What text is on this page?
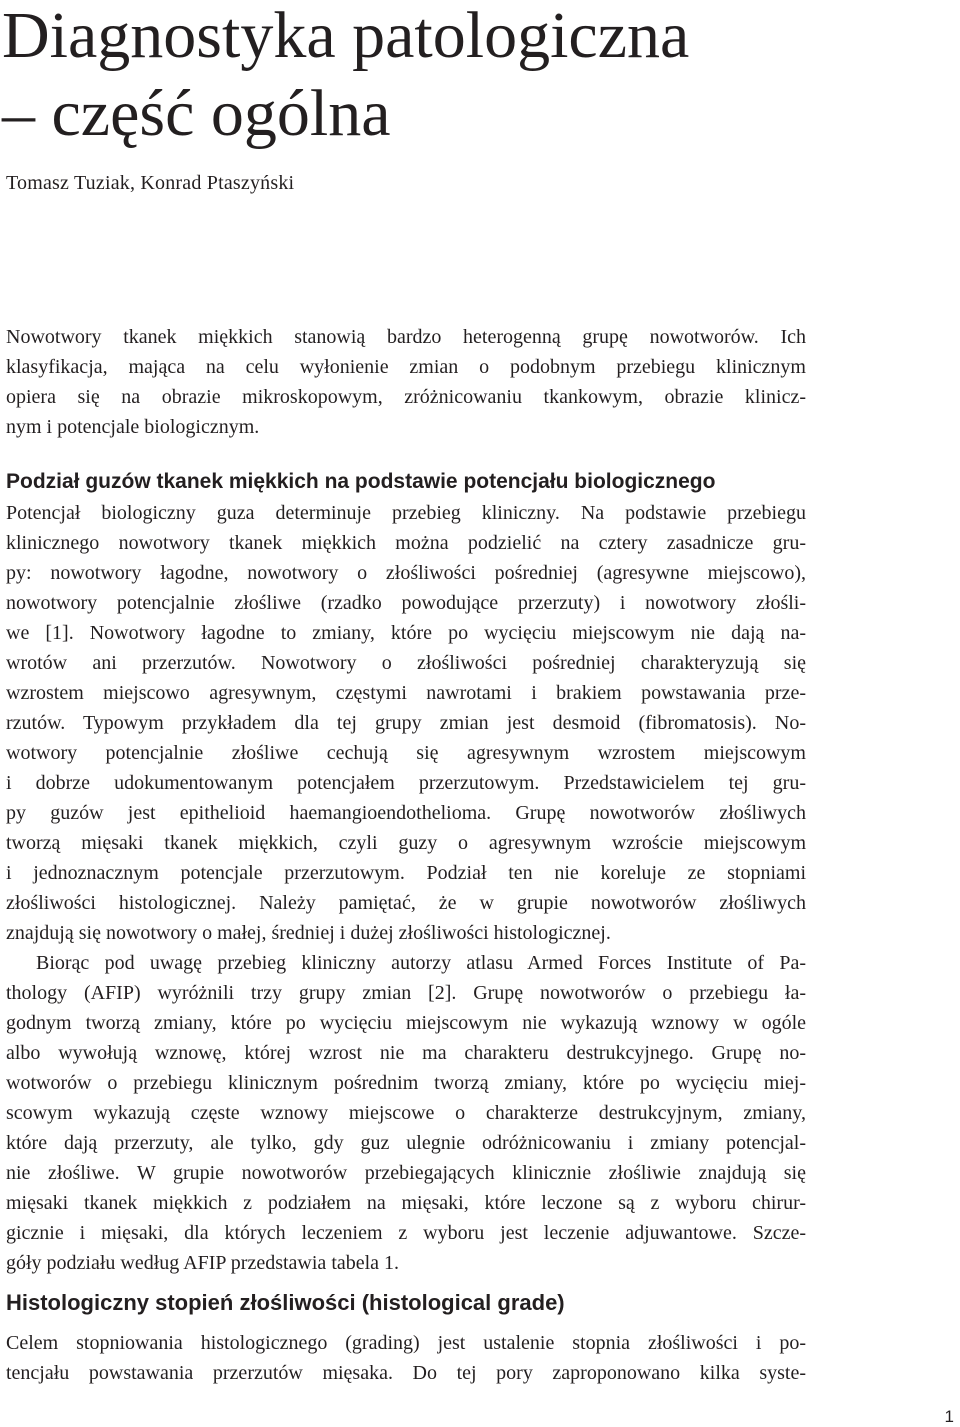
Diagnostyka patologiczna
– część ogólna
Tomasz Tuziak, Konrad Ptaszyński
Nowotwory tkanek miękkich stanowią bardzo heterogenną grupę nowotworów. Ich
klasyfikacja, mająca na celu wyłonienie zmian o podobnym przebiegu klinicznym
opiera się na obrazie mikroskopowym, zróżnicowaniu tkankowym, obrazie klinicz-
nym i potencjale biologicznym.
Podział guzów tkanek miękkich na podstawie potencjału biologicznego
Potencjał biologiczny guza determinuje przebieg kliniczny. Na podstawie przebiegu
klinicznego nowotwory tkanek miękkich można podzielić na cztery zasadnicze gru-
py: nowotwory łagodne, nowotwory o złośliwości pośredniej (agresywne miejscowo),
nowotwory potencjalnie złośliwe (rzadko powodujące przerzuty) i nowotwory złośli-
we [1]. Nowotwory łagodne to zmiany, które po wycięciu miejscowym nie dają na-
wrotów ani przerzutów. Nowotwory o złośliwości pośredniej charakteryzują się
wzrostem miejscowo agresywnym, częstymi nawrotami i brakiem powstawania prze-
rzutów. Typowym przykładem dla tej grupy zmian jest desmoid (fibromatosis). No-
wotwory potencjalnie złośliwe cechują się agresywnym wzrostem miejscowym
i dobrze udokumentowanym potencjałem przerzutowym. Przedstawicielem tej gru-
py guzów jest epithelioid haemangioendothelioma. Grupę nowotworów złośliwych
tworzą mięsaki tkanek miękkich, czyli guzy o agresywnym wzroście miejscowym
i jednoznacznym potencjale przerzutowym. Podział ten nie koreluje ze stopniami
złośliwości histologicznej. Należy pamiętać, że w grupie nowotworów złośliwych
znajdują się nowotwory o małej, średniej i dużej złośliwości histologicznej.
Biorąc pod uwagę przebieg kliniczny autorzy atlasu Armed Forces Institute of Pa-
thology (AFIP) wyróżnili trzy grupy zmian [2]. Grupę nowotworów o przebiegu ła-
godnym tworzą zmiany, które po wycięciu miejscowym nie wykazują wznowy w ogóle
albo wywołują wznowę, której wzrost nie ma charakteru destrukcyjnego. Grupę no-
wotworów o przebiegu klinicznym pośrednim tworzą zmiany, które po wycięciu miej-
scowym wykazują częste wznowy miejscowe o charakterze destrukcyjnym, zmiany,
które dają przerzuty, ale tylko, gdy guz ulegnie odróżnicowaniu i zmiany potencjal-
nie złośliwe. W grupie nowotworów przebiegających klinicznie złośliwie znajdują się
mięsaki tkanek miękkich z podziałem na mięsaki, które leczone są z wyboru chirur-
gicznie i mięsaki, dla których leczeniem z wyboru jest leczenie adjuwantowe. Szcze-
góły podziału według AFIP przedstawia tabela 1.
Histologiczny stopień złośliwości (histological grade)
Celem stopniowania histologicznego (grading) jest ustalenie stopnia złośliwości i po-
tencjału powstawania przerzutów mięsaka. Do tej pory zaproponowano kilka syste-
1
